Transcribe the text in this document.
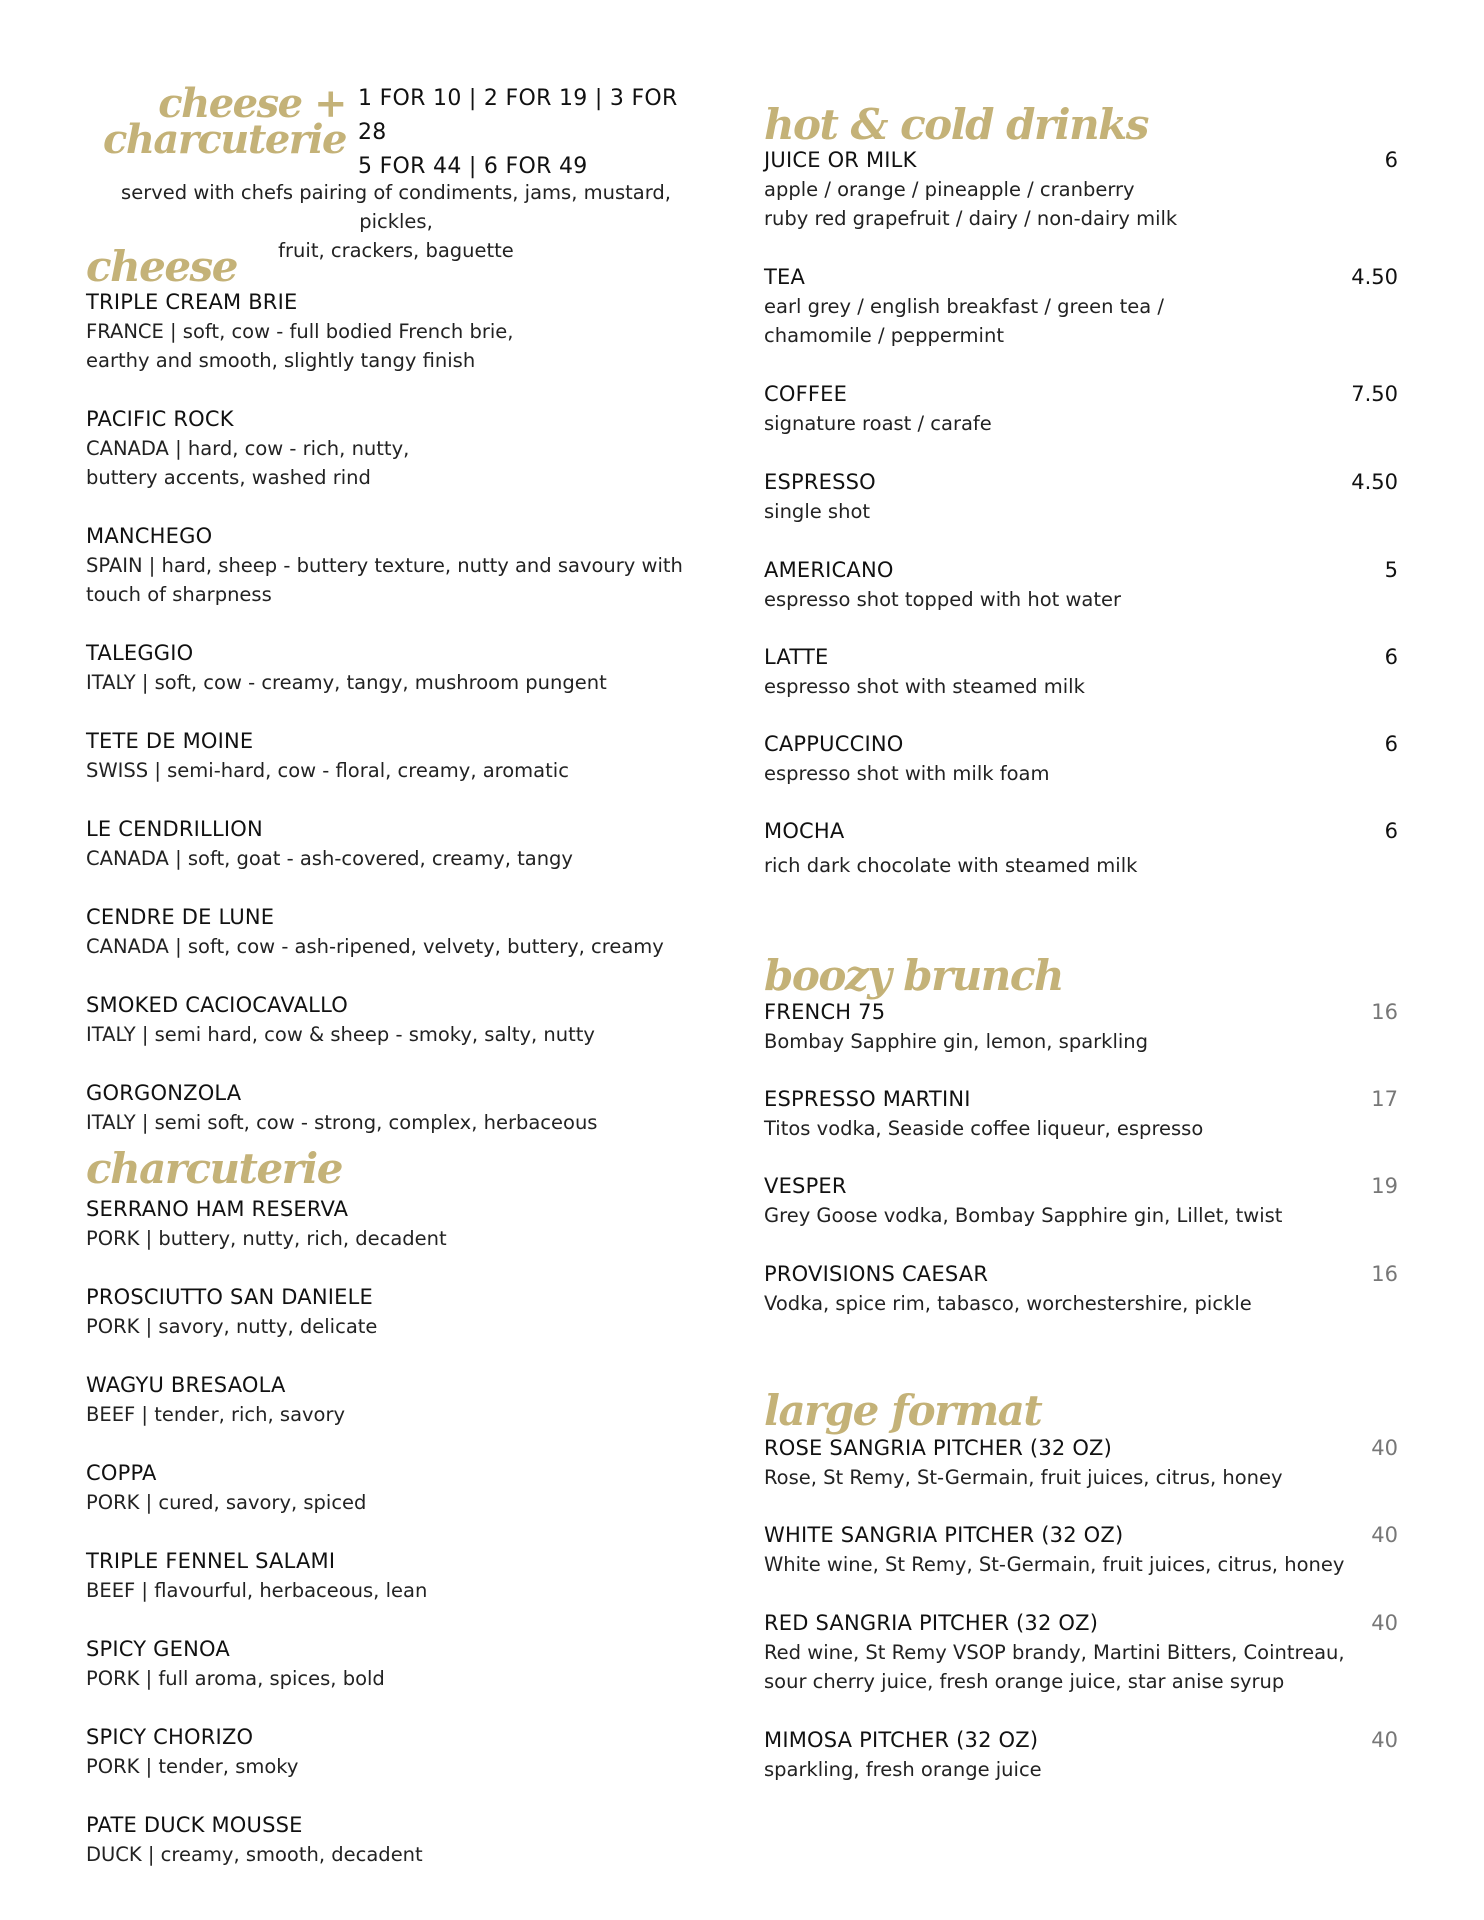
cheese +
charcuterie
1 FOR 10 | 2 FOR 19 | 3 FOR 28
5 FOR 44 | 6 FOR 49
served with chefs pairing of condiments, jams, mustard, pickles,
fruit, crackers, baguette
cheese
TRIPLE CREAM BRIE
FRANCE | soft, cow - full bodied French brie,
earthy and smooth, slightly tangy finish
PACIFIC ROCK
CANADA | hard, cow - rich, nutty,
buttery accents, washed rind
MANCHEGO
SPAIN | hard, sheep - buttery texture, nutty and savoury with
touch of sharpness
TALEGGIO
ITALY | soft, cow - creamy, tangy, mushroom pungent
TETE DE MOINE
SWISS | semi-hard, cow - floral, creamy, aromatic
LE CENDRILLION
CANADA | soft, goat - ash-covered, creamy, tangy
CENDRE DE LUNE
CANADA | soft, cow - ash-ripened, velvety, buttery, creamy
SMOKED CACIOCAVALLO
ITALY | semi hard, cow & sheep - smoky, salty, nutty
GORGONZOLA
ITALY | semi soft, cow - strong, complex, herbaceous
charcuterie
SERRANO HAM RESERVA
PORK | buttery, nutty, rich, decadent
PROSCIUTTO SAN DANIELE
PORK | savory, nutty, delicate
WAGYU BRESAOLA
BEEF | tender, rich, savory
COPPA
PORK | cured, savory, spiced
TRIPLE FENNEL SALAMI
BEEF | flavourful, herbaceous, lean
SPICY GENOA
PORK | full aroma, spices, bold
SPICY CHORIZO
PORK | tender, smoky
PATE DUCK MOUSSE
DUCK | creamy, smooth, decadent
hot & cold drinks
JUICE OR MILK	6
apple / orange / pineapple / cranberry
ruby red grapefruit / dairy / non-dairy milk
TEA	4.50
earl grey / english breakfast / green tea /
chamomile / peppermint
COFFEE	7.50
signature roast / carafe
ESPRESSO	4.50
single shot
AMERICANO	5
espresso shot topped with hot water
LATTE	6
espresso shot with steamed milk
CAPPUCCINO	6
espresso shot with milk foam
MOCHA	6
rich dark chocolate with steamed milk
boozy brunch
FRENCH 75	16
Bombay Sapphire gin, lemon, sparkling
ESPRESSO MARTINI	17
Titos vodka, Seaside coffee liqueur, espresso
VESPER	19
Grey Goose vodka, Bombay Sapphire gin, Lillet, twist
PROVISIONS CAESAR	16
Vodka, spice rim, tabasco, worchestershire, pickle
large format
ROSE SANGRIA PITCHER (32 OZ)	40
Rose, St Remy, St-Germain, fruit juices, citrus, honey
WHITE SANGRIA PITCHER (32 OZ)	40
White wine, St Remy, St-Germain, fruit juices, citrus, honey
RED SANGRIA PITCHER (32 OZ)	40
Red wine, St Remy VSOP brandy, Martini Bitters, Cointreau,
sour cherry juice, fresh orange juice, star anise syrup
MIMOSA PITCHER (32 OZ)	40
sparkling, fresh orange juice
